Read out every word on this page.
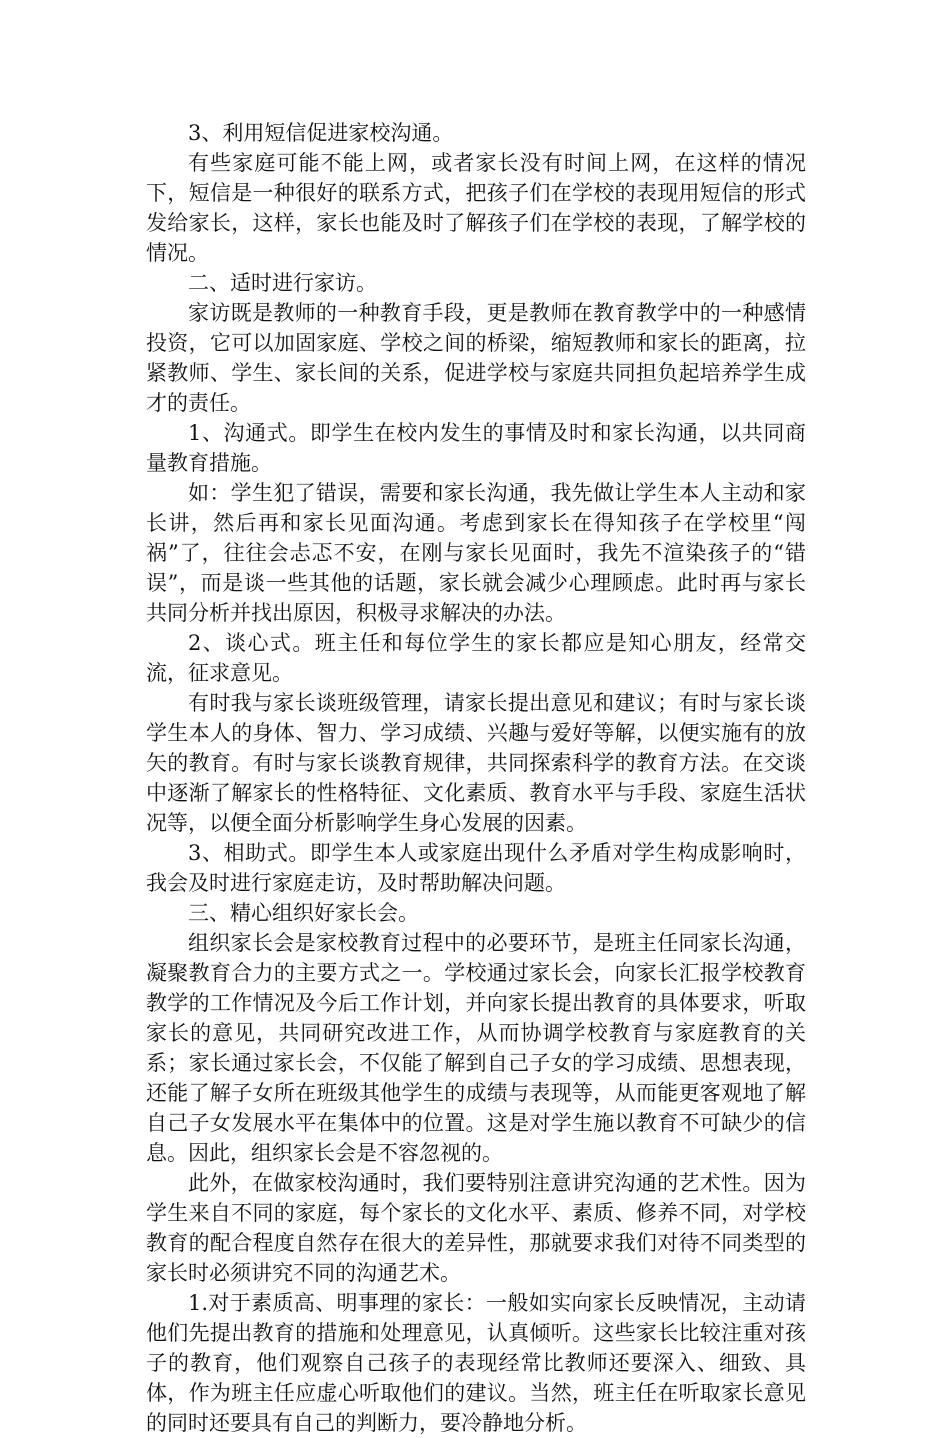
3、利用短信促进家校沟通。

有些家庭可能不能上网，或者家长没有时间上网，在这样的情况下，短信是一种很好的联系方式，把孩子们在学校的表现用短信的形式发给家长，这样，家长也能及时了解孩子们在学校的表现，了解学校的情况。

二、适时进行家访。

家访既是教师的一种教育手段，更是教师在教育教学中的一种感情投资，它可以加固家庭、学校之间的桥梁，缩短教师和家长的距离，拉紧教师、学生、家长间的关系，促进学校与家庭共同担负起培养学生成才的责任。

1、沟通式。即学生在校内发生的事情及时和家长沟通，以共同商量教育措施。

如：学生犯了错误，需要和家长沟通，我先做让学生本人主动和家长讲，然后再和家长见面沟通。考虑到家长在得知孩子在学校里“闯祸”了，往往会忐忑不安，在刚与家长见面时，我先不渲染孩子的“错误”，而是谈一些其他的话题，家长就会减少心理顾虑。此时再与家长共同分析并找出原因，积极寻求解决的办法。

2、谈心式。班主任和每位学生的家长都应是知心朋友，经常交流，征求意见。

有时我与家长谈班级管理，请家长提出意见和建议；有时与家长谈学生本人的身体、智力、学习成绩、兴趣与爱好等解，以便实施有的放矢的教育。有时与家长谈教育规律，共同探索科学的教育方法。在交谈中逐渐了解家长的性格特征、文化素质、教育水平与手段、家庭生活状况等，以便全面分析影响学生身心发展的因素。

3、相助式。即学生本人或家庭出现什么矛盾对学生构成影响时，我会及时进行家庭走访，及时帮助解决问题。

三、精心组织好家长会。

组织家长会是家校教育过程中的必要环节，是班主任同家长沟通，凝聚教育合力的主要方式之一。学校通过家长会，向家长汇报学校教育教学的工作情况及今后工作计划，并向家长提出教育的具体要求，听取家长的意见，共同研究改进工作，从而协调学校教育与家庭教育的关系；家长通过家长会，不仅能了解到自己子女的学习成绩、思想表现，还能了解子女所在班级其他学生的成绩与表现等，从而能更客观地了解自己子女发展水平在集体中的位置。这是对学生施以教育不可缺少的信息。因此，组织家长会是不容忽视的。

此外，在做家校沟通时，我们要特别注意讲究沟通的艺术性。因为学生来自不同的家庭，每个家长的文化水平、素质、修养不同，对学校教育的配合程度自然存在很大的差异性，那就要求我们对待不同类型的家长时必须讲究不同的沟通艺术。

1.对于素质高、明事理的家长：一般如实向家长反映情况，主动请他们先提出教育的措施和处理意见，认真倾听。这些家长比较注重对孩子的教育，他们观察自己孩子的表现经常比教师还要深入、细致、具体，作为班主任应虚心听取他们的建议。当然，班主任在听取家长意见的同时还要具有自己的判断力，要冷静地分析。
